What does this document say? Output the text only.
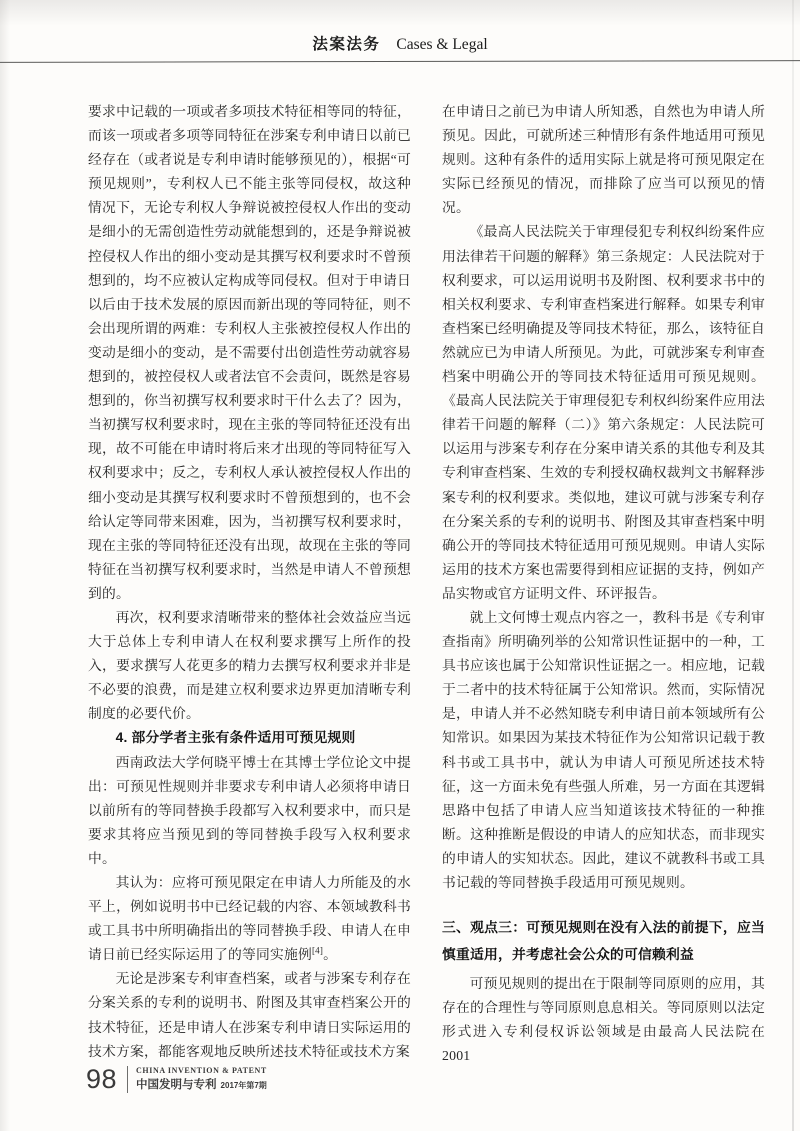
法案法务 Cases & Legal

要求中记载的一项或者多项技术特征相等同的特征，而该一项或者多项等同特征在涉案专利申请日以前已经存在（或者说是专利申请时能够预见的），根据“可预见规则”，专利权人已不能主张等同侵权，故这种情况下，无论专利权人争辩说被控侵权人作出的变动是细小的无需创造性劳动就能想到的，还是争辩说被控侵权人作出的细小变动是其撰写权利要求时不曾预想到的，均不应被认定构成等同侵权。但对于申请日以后由于技术发展的原因而新出现的等同特征，则不会出现所谓的两难：专利权人主张被控侵权人作出的变动是细小的变动，是不需要付出创造性劳动就容易想到的，被控侵权人或者法官不会责问，既然是容易想到的，你当初撰写权利要求时干什么去了？因为，当初撰写权利要求时，现在主张的等同特征还没有出现，故不可能在申请时将后来才出现的等同特征写入权利要求中；反之，专利权人承认被控侵权人作出的细小变动是其撰写权利要求时不曾预想到的，也不会给认定等同带来困难，因为，当初撰写权利要求时，现在主张的等同特征还没有出现，故现在主张的等同特征在当初撰写权利要求时，当然是申请人不曾预想到的。

再次，权利要求清晰带来的整体社会效益应当远大于总体上专利申请人在权利要求撰写上所作的投入，要求撰写人花更多的精力去撰写权利要求并非是不必要的浪费，而是建立权利要求边界更加清晰专利制度的必要代价。

4. 部分学者主张有条件适用可预见规则

西南政法大学何晓平博士在其博士学位论文中提出：可预见性规则并非要求专利申请人必须将申请日以前所有的等同替换手段都写入权利要求中，而只是要求其将应当预见到的等同替换手段写入权利要求中。

其认为：应将可预见限定在申请人力所能及的水平上，例如说明书中已经记载的内容、本领域教科书或工具书中所明确指出的等同替换手段、申请人在申请日前已经实际运用了的等同实施例[4]。

无论是涉案专利审查档案，或者与涉案专利存在分案关系的专利的说明书、附图及其审查档案公开的技术特征，还是申请人在涉案专利申请日实际运用的技术方案，都能客观地反映所述技术特征或技术方案

在申请日之前已为申请人所知悉，自然也为申请人所预见。因此，可就所述三种情形有条件地适用可预见规则。这种有条件的适用实际上就是将可预见限定在实际已经预见的情况，而排除了应当可以预见的情况。

《最高人民法院关于审理侵犯专利权纠纷案件应用法律若干问题的解释》第三条规定：人民法院对于权利要求，可以运用说明书及附图、权利要求书中的相关权利要求、专利审查档案进行解释。如果专利审查档案已经明确提及等同技术特征，那么，该特征自然就应已为申请人所预见。为此，可就涉案专利审查档案中明确公开的等同技术特征适用可预见规则。《最高人民法院关于审理侵犯专利权纠纷案件应用法律若干问题的解释（二）》第六条规定：人民法院可以运用与涉案专利存在分案申请关系的其他专利及其专利审查档案、生效的专利授权确权裁判文书解释涉案专利的权利要求。类似地，建议可就与涉案专利存在分案关系的专利的说明书、附图及其审查档案中明确公开的等同技术特征适用可预见规则。申请人实际运用的技术方案也需要得到相应证据的支持，例如产品实物或官方证明文件、环评报告。

就上文何博士观点内容之一，教科书是《专利审查指南》所明确列举的公知常识性证据中的一种，工具书应该也属于公知常识性证据之一。相应地，记载于二者中的技术特征属于公知常识。然而，实际情况是，申请人并不必然知晓专利申请日前本领域所有公知常识。如果因为某技术特征作为公知常识记载于教科书或工具书中，就认为申请人可预见所述技术特征，这一方面未免有些强人所难，另一方面在其逻辑思路中包括了申请人应当知道该技术特征的一种推断。这种推断是假设的申请人的应知状态，而非现实的申请人的实知状态。因此，建议不就教科书或工具书记载的等同替换手段适用可预见规则。

三、观点三：可预见规则在没有入法的前提下，应当慎重适用，并考虑社会公众的可信赖利益

可预见规则的提出在于限制等同原则的应用，其存在的合理性与等同原则息息相关。等同原则以法定形式进入专利侵权诉讼领域是由最高人民法院在 2001

98 CHINA INVENTION & PATENT
中国发明与专利 2017年第7期
